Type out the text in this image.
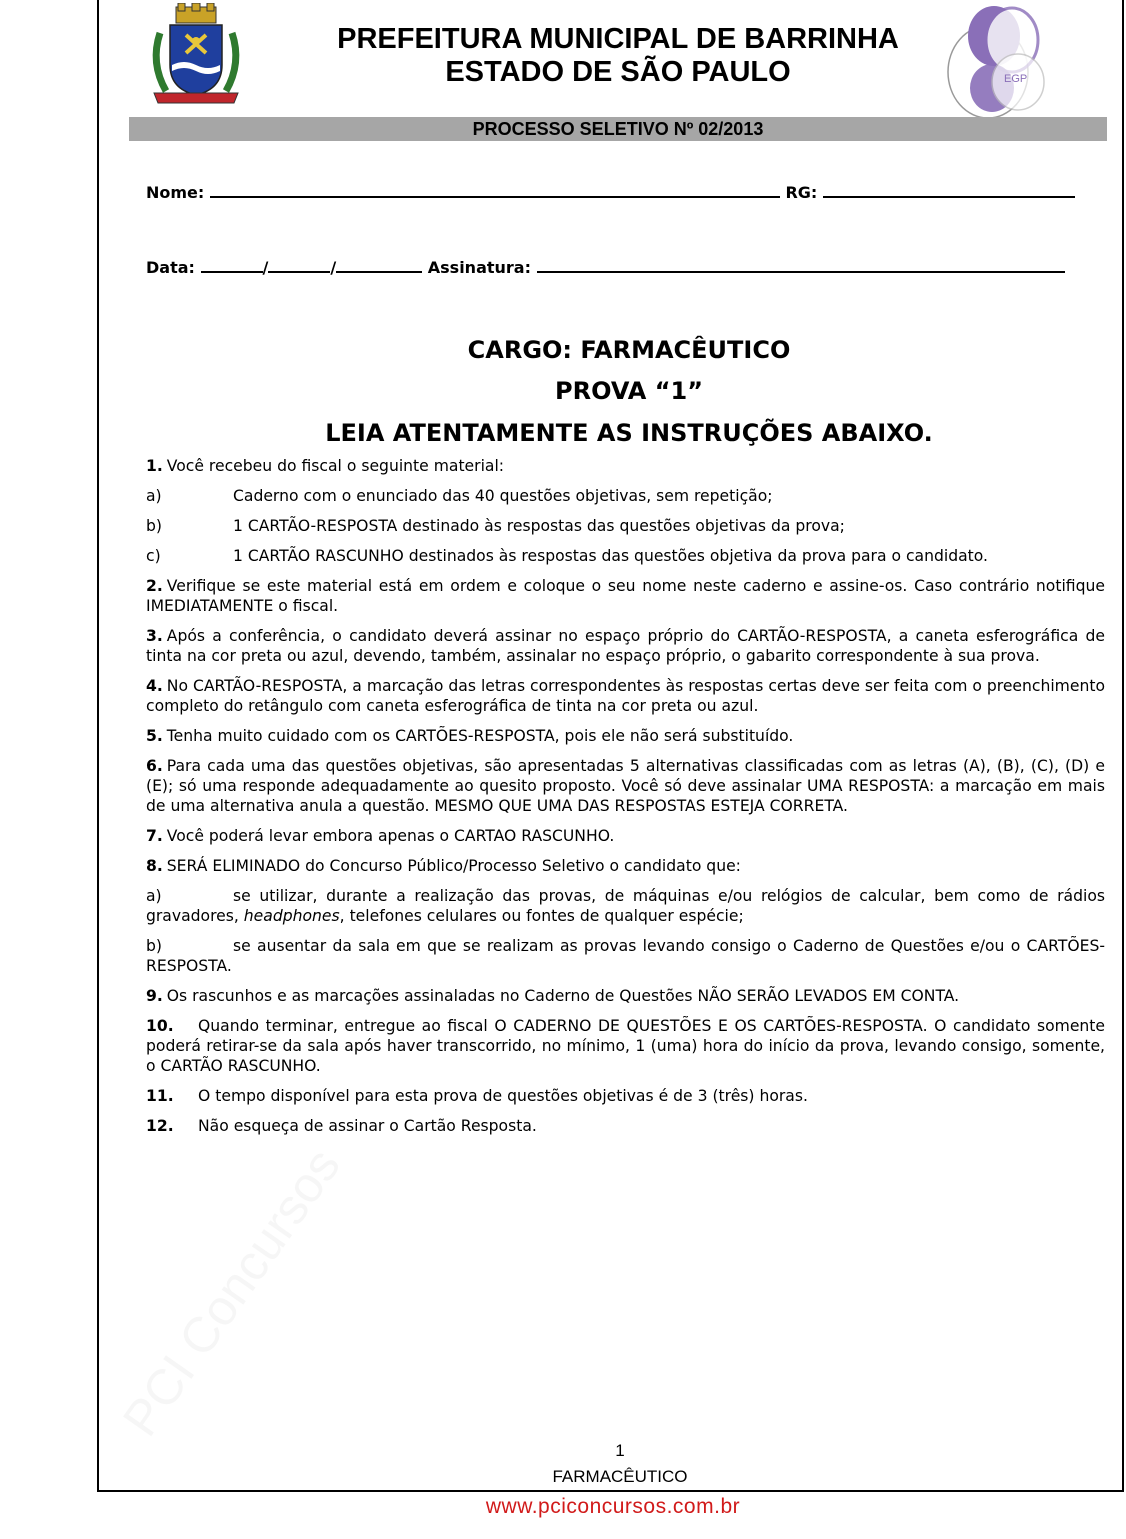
PREFEITURA MUNICIPAL DE BARRINHA
ESTADO DE SÃO PAULO	EGP
PROCESSO SELETIVO Nº 02/2013
Nome:	RG:
Data:	/	/	Assinatura:
CARGO: FARMACÊUTICO
PROVA “1”
LEIA ATENTAMENTE AS INSTRUÇÕES ABAIXO.
1. Você recebeu do fiscal o seguinte material:
a)	Caderno com o enunciado das 40 questões objetivas, sem repetição;
b)	1 CARTÃO-RESPOSTA destinado às respostas das questões objetivas da prova;
c)	1 CARTÃO RASCUNHO destinados às respostas das questões objetiva da prova para o candidato.
2. Verifique se este material está em ordem e coloque o seu nome neste caderno e assine-os. Caso contrário notifique IMEDIATAMENTE o fiscal.
3. Após a conferência, o candidato deverá assinar no espaço próprio do CARTÃO-RESPOSTA, a caneta esferográfica de tinta na cor preta ou azul, devendo, também, assinalar no espaço próprio, o gabarito correspondente à sua prova.
4. No CARTÃO-RESPOSTA, a marcação das letras correspondentes às respostas certas deve ser feita com o preenchimento completo do retângulo com caneta esferográfica de tinta na cor preta ou azul.
5. Tenha muito cuidado com os CARTÕES-RESPOSTA, pois ele não será substituído.
6. Para cada uma das questões objetivas, são apresentadas 5 alternativas classificadas com as letras (A), (B), (C), (D) e (E); só uma responde adequadamente ao quesito proposto. Você só deve assinalar UMA RESPOSTA: a marcação em mais de uma alternativa anula a questão. MESMO QUE UMA DAS RESPOSTAS ESTEJA CORRETA.
7. Você poderá levar embora apenas o CARTAO RASCUNHO.
8. SERÁ ELIMINADO do Concurso Público/Processo Seletivo o candidato que:
a)	se utilizar, durante a realização das provas, de máquinas e/ou relógios de calcular, bem como de rádios gravadores, headphones, telefones celulares ou fontes de qualquer espécie;
b)	se ausentar da sala em que se realizam as provas levando consigo o Caderno de Questões e/ou o CARTÕES-RESPOSTA.
9. Os rascunhos e as marcações assinaladas no Caderno de Questões NÃO SERÃO LEVADOS EM CONTA.
10. Quando terminar, entregue ao fiscal O CADERNO DE QUESTÕES E OS CARTÕES-RESPOSTA. O candidato somente poderá retirar-se da sala após haver transcorrido, no mínimo, 1 (uma) hora do início da prova, levando consigo, somente, o CARTÃO RASCUNHO.
11. O tempo disponível para esta prova de questões objetivas é de 3 (três) horas.
12. Não esqueça de assinar o Cartão Resposta.
1
FARMACÊUTICO
www.pciconcursos.com.br
